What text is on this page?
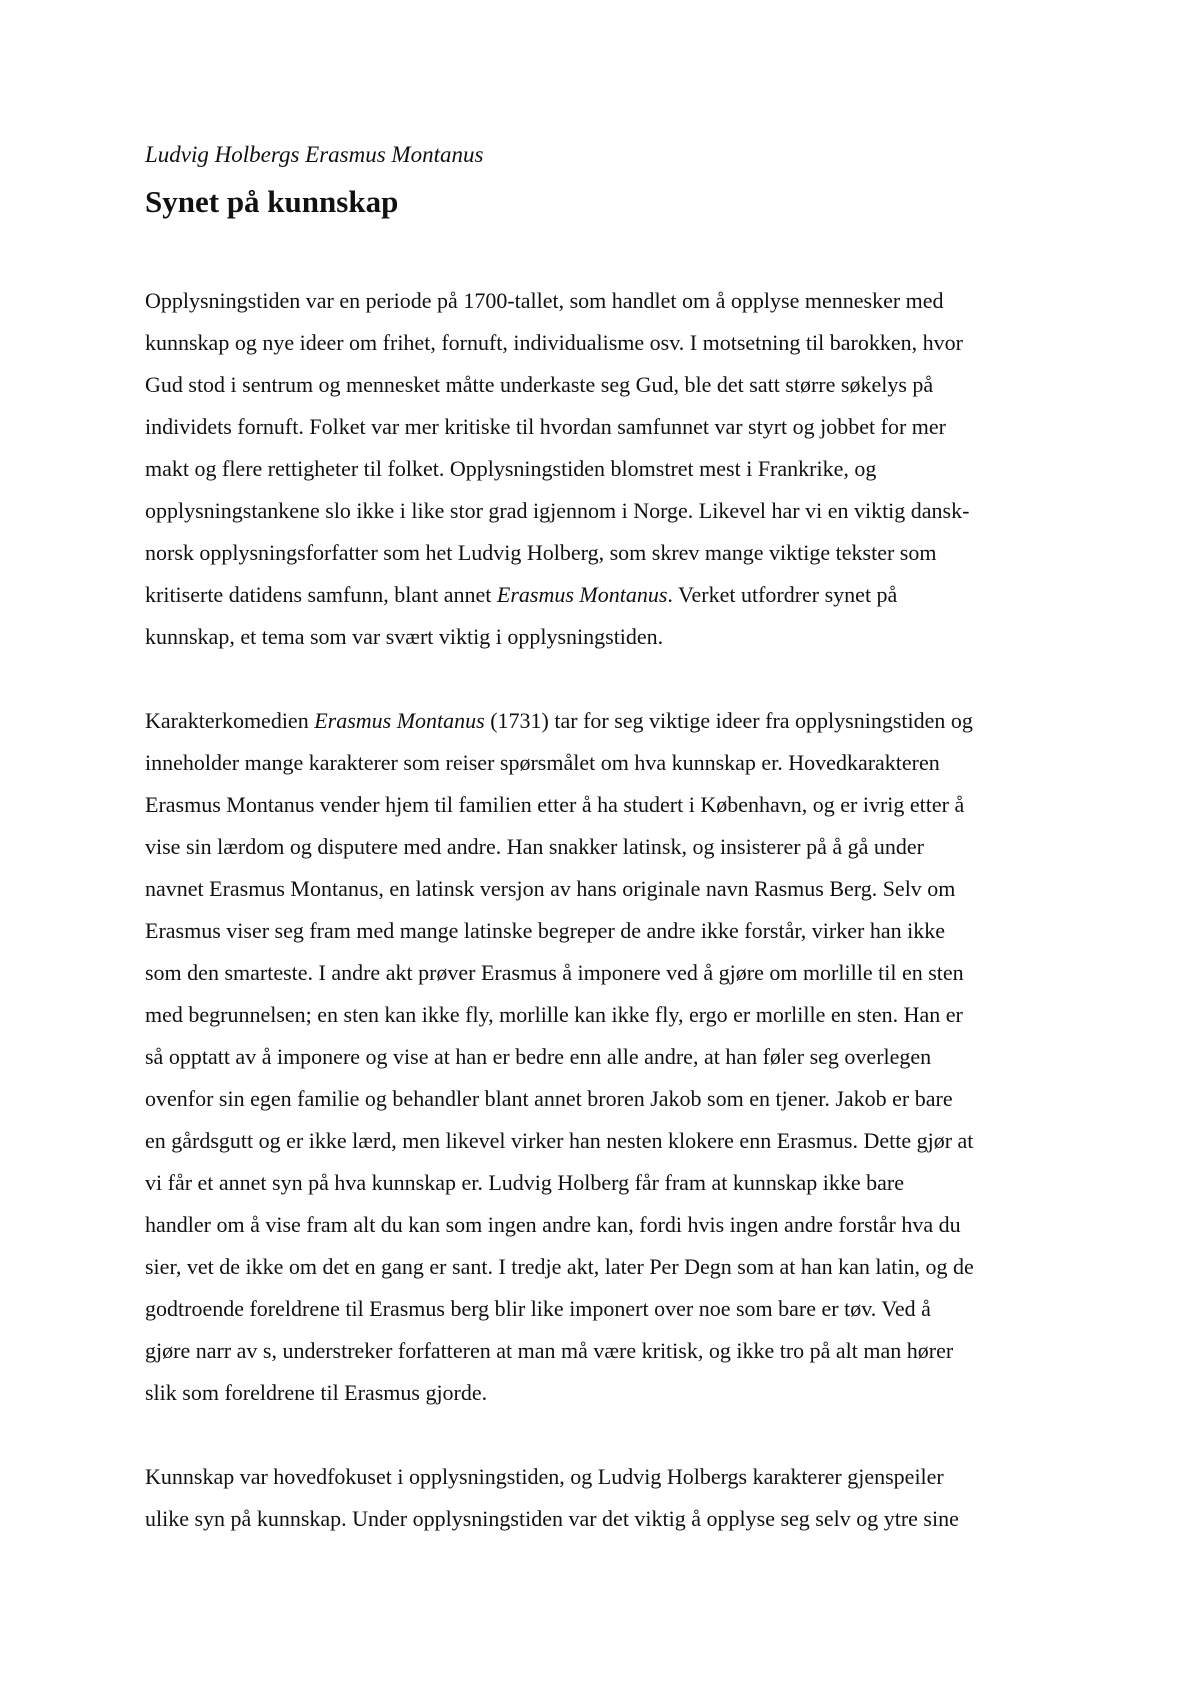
Ludvig Holbergs Erasmus Montanus

Synet på kunnskap

Opplysningstiden var en periode på 1700-tallet, som handlet om å opplyse mennesker med
kunnskap og nye ideer om frihet, fornuft, individualisme osv. I motsetning til barokken, hvor
Gud stod i sentrum og mennesket måtte underkaste seg Gud, ble det satt større søkelys på
individets fornuft. Folket var mer kritiske til hvordan samfunnet var styrt og jobbet for mer
makt og flere rettigheter til folket. Opplysningstiden blomstret mest i Frankrike, og
opplysningstankene slo ikke i like stor grad igjennom i Norge. Likevel har vi en viktig dansk-
norsk opplysningsforfatter som het Ludvig Holberg, som skrev mange viktige tekster som
kritiserte datidens samfunn, blant annet Erasmus Montanus. Verket utfordrer synet på
kunnskap, et tema som var svært viktig i opplysningstiden.

Karakterkomedien Erasmus Montanus (1731) tar for seg viktige ideer fra opplysningstiden og
inneholder mange karakterer som reiser spørsmålet om hva kunnskap er. Hovedkarakteren
Erasmus Montanus vender hjem til familien etter å ha studert i København, og er ivrig etter å
vise sin lærdom og disputere med andre. Han snakker latinsk, og insisterer på å gå under
navnet Erasmus Montanus, en latinsk versjon av hans originale navn Rasmus Berg. Selv om
Erasmus viser seg fram med mange latinske begreper de andre ikke forstår, virker han ikke
som den smarteste. I andre akt prøver Erasmus å imponere ved å gjøre om morlille til en sten
med begrunnelsen; en sten kan ikke fly, morlille kan ikke fly, ergo er morlille en sten. Han er
så opptatt av å imponere og vise at han er bedre enn alle andre, at han føler seg overlegen
ovenfor sin egen familie og behandler blant annet broren Jakob som en tjener. Jakob er bare
en gårdsgutt og er ikke lærd, men likevel virker han nesten klokere enn Erasmus. Dette gjør at
vi får et annet syn på hva kunnskap er. Ludvig Holberg får fram at kunnskap ikke bare
handler om å vise fram alt du kan som ingen andre kan, fordi hvis ingen andre forstår hva du
sier, vet de ikke om det en gang er sant. I tredje akt, later Per Degn som at han kan latin, og de
godtroende foreldrene til Erasmus berg blir like imponert over noe som bare er tøv. Ved å
gjøre narr av s, understreker forfatteren at man må være kritisk, og ikke tro på alt man hører
slik som foreldrene til Erasmus gjorde.

Kunnskap var hovedfokuset i opplysningstiden, og Ludvig Holbergs karakterer gjenspeiler
ulike syn på kunnskap. Under opplysningstiden var det viktig å opplyse seg selv og ytre sine
